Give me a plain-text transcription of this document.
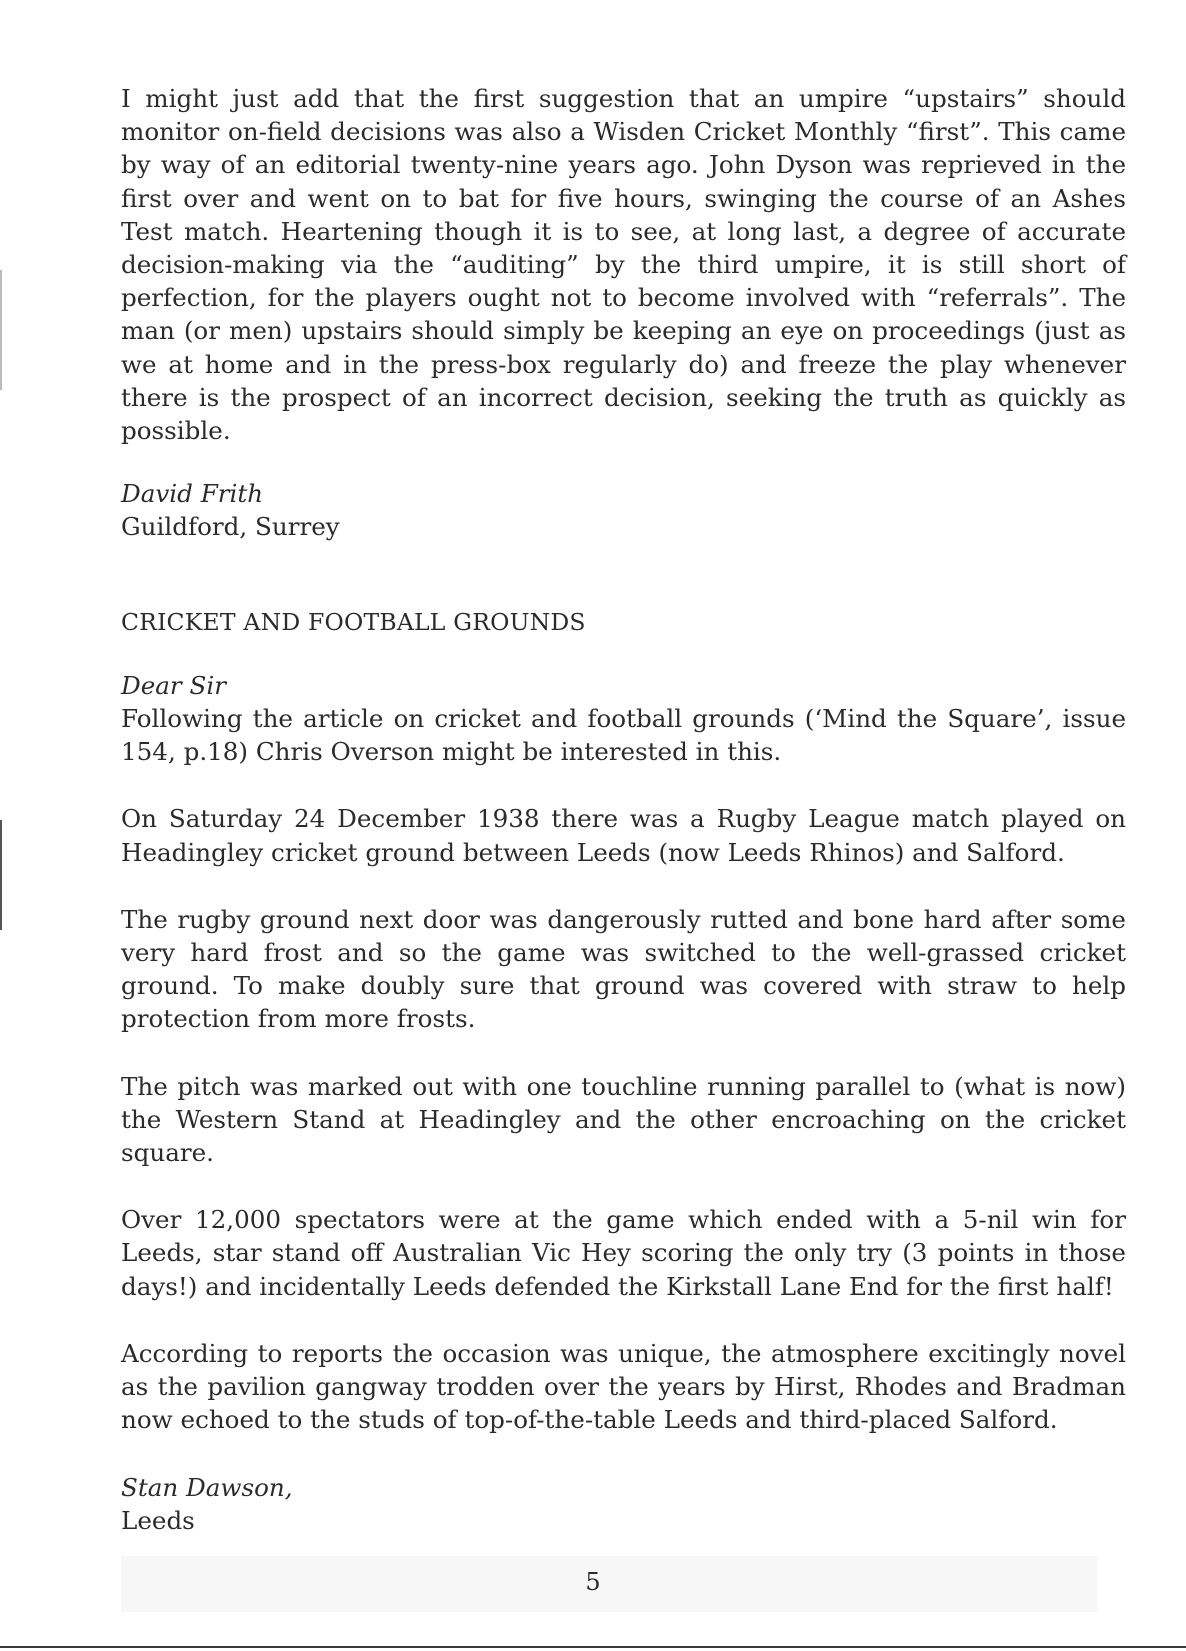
I might just add that the first suggestion that an umpire “upstairs” should monitor on-field decisions was also a Wisden Cricket Monthly “first”. This came by way of an editorial twenty-nine years ago. John Dyson was reprieved in the first over and went on to bat for five hours, swinging the course of an Ashes Test match. Heartening though it is to see, at long last, a degree of accurate decision-making via the “auditing” by the third umpire, it is still short of perfection, for the players ought not to become involved with “referrals”. The man (or men) upstairs should simply be keeping an eye on proceedings (just as we at home and in the press-box regularly do) and freeze the play whenever there is the prospect of an incorrect decision, seeking the truth as quickly as possible.

David Frith

Guildford, Surrey

CRICKET AND FOOTBALL GROUNDS

Dear Sir

Following the article on cricket and football grounds (‘Mind the Square’, issue 154, p.18) Chris Overson might be interested in this.

On Saturday 24 December 1938 there was a Rugby League match played on Headingley cricket ground between Leeds (now Leeds Rhinos) and Salford.

The rugby ground next door was dangerously rutted and bone hard after some very hard frost and so the game was switched to the well-grassed cricket ground. To make doubly sure that ground was covered with straw to help protection from more frosts.

The pitch was marked out with one touchline running parallel to (what is now) the Western Stand at Headingley and the other encroaching on the cricket square.

Over 12,000 spectators were at the game which ended with a 5-nil win for Leeds, star stand off Australian Vic Hey scoring the only try (3 points in those days!) and incidentally Leeds defended the Kirkstall Lane End for the first half!

According to reports the occasion was unique, the atmosphere excitingly novel as the pavilion gangway trodden over the years by Hirst, Rhodes and Bradman now echoed to the studs of top-of-the-table Leeds and third-placed Salford.

Stan Dawson,

Leeds

5
